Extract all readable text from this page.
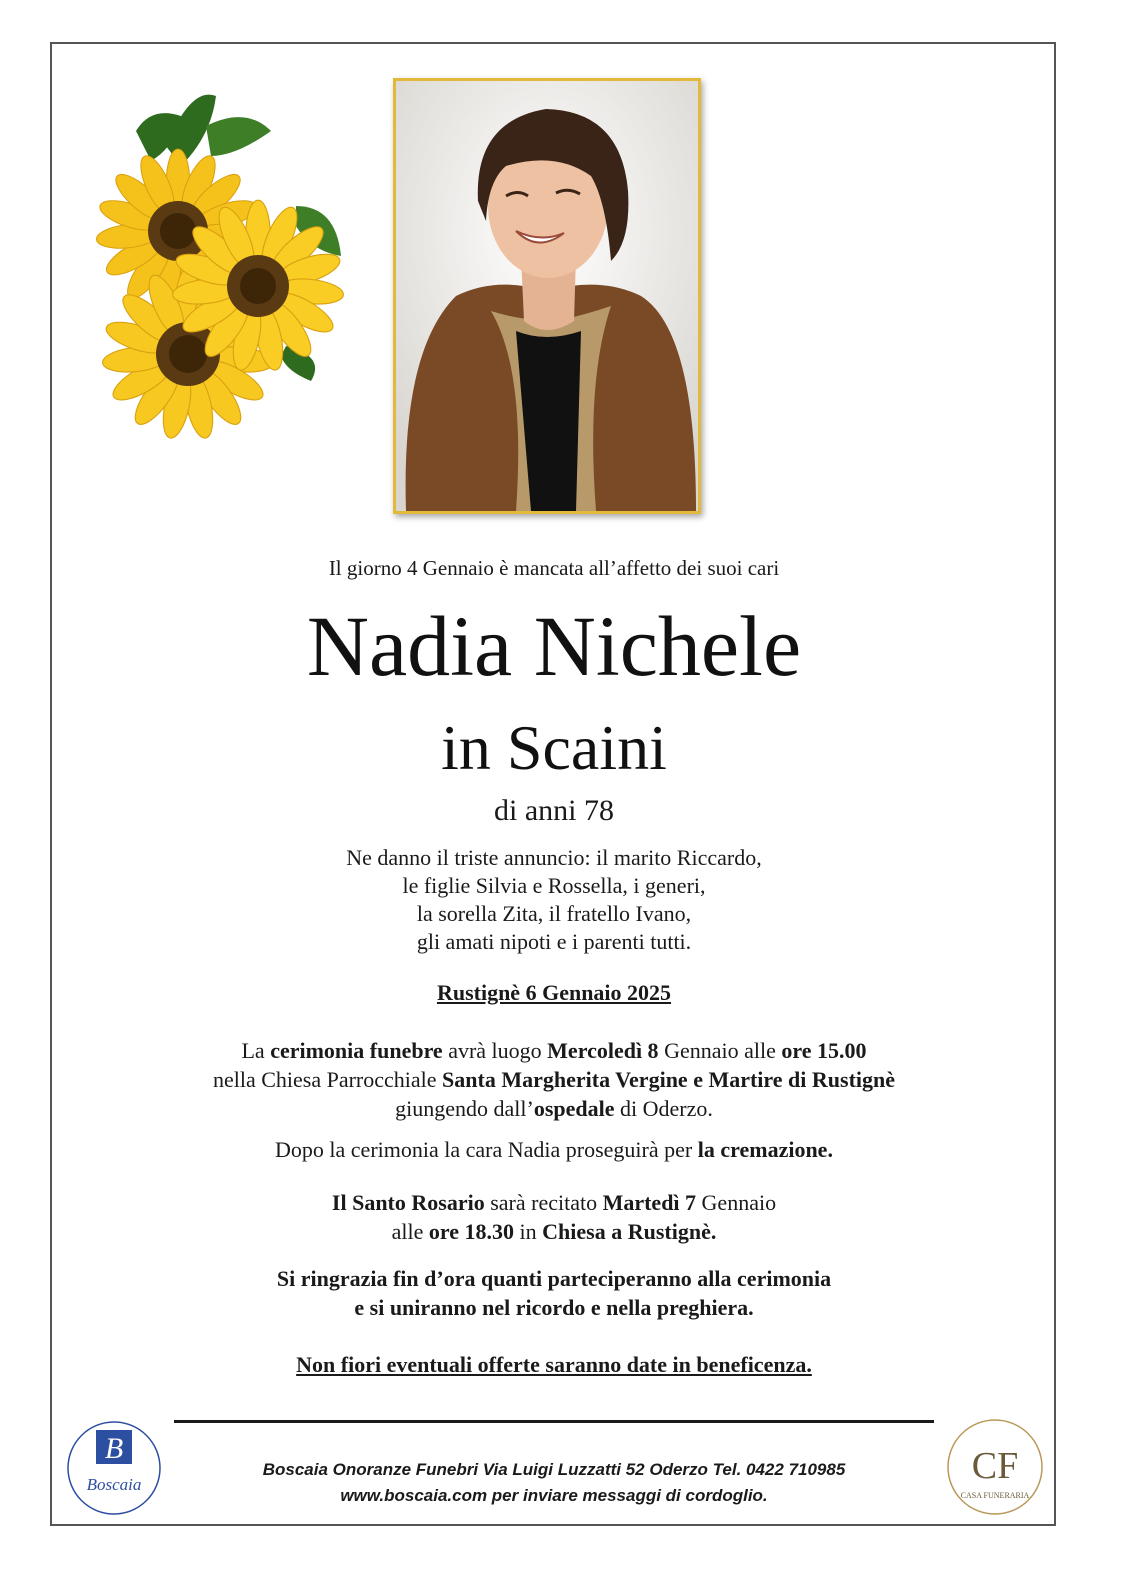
Il giorno 4 Gennaio è mancata all’affetto dei suoi cari
Nadia Nichele
in Scaini
di anni 78
Ne danno il triste annuncio: il marito Riccardo,
le figlie Silvia e Rossella, i generi,
la sorella Zita, il fratello Ivano,
gli amati nipoti e i parenti tutti.
Rustignè 6 Gennaio 2025
La cerimonia funebre avrà luogo Mercoledì 8 Gennaio alle ore 15.00
nella Chiesa Parrocchiale Santa Margherita Vergine e Martire di Rustignè
giungendo dall’ospedale di Oderzo.
Dopo la cerimonia la cara Nadia proseguirà per la cremazione.
Il Santo Rosario sarà recitato Martedì 7 Gennaio
alle ore 18.30 in Chiesa a Rustignè.
Si ringrazia fin d’ora quanti parteciperanno alla cerimonia
e si uniranno nel ricordo e nella preghiera.
Non fiori eventuali offerte saranno date in beneficenza.
B
Boscaia	CF
CASA FUNERARIA
Boscaia Onoranze Funebri Via Luigi Luzzatti 52 Oderzo Tel. 0422 710985
www.boscaia.com per inviare messaggi di cordoglio.
